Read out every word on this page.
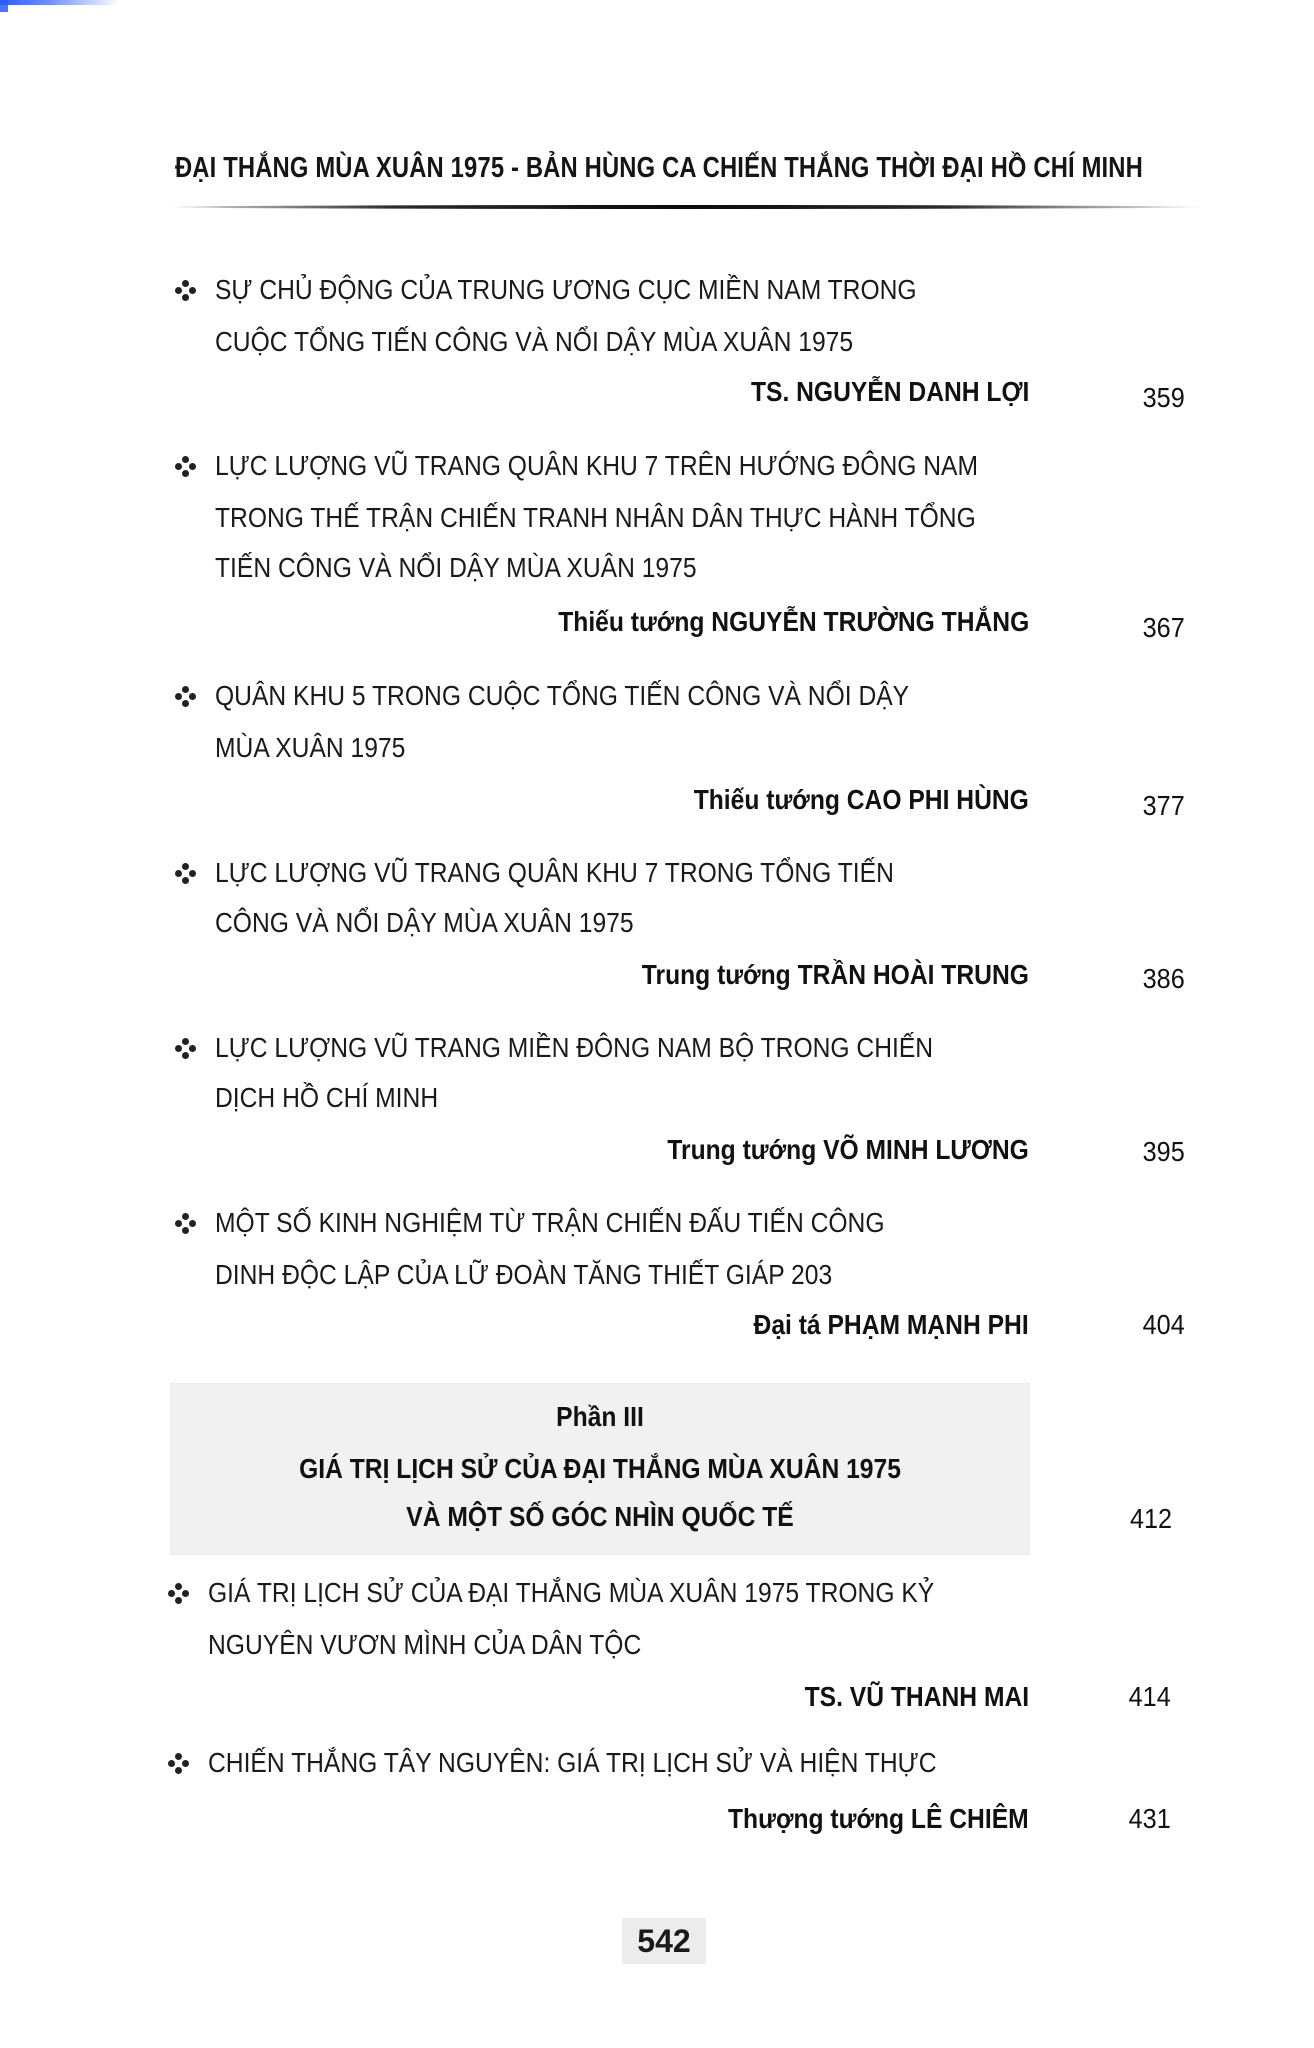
ĐẠI THẮNG MÙA XUÂN 1975 - BẢN HÙNG CA CHIẾN THẮNG THỜI ĐẠI HỒ CHÍ MINH
SỰ CHỦ ĐỘNG CỦA TRUNG ƯƠNG CỤC MIỀN NAM TRONG
CUỘC TỔNG TIẾN CÔNG VÀ NỔI DẬY MÙA XUÂN 1975
TS. NGUYỄN DANH LỢI	359
LỰC LƯỢNG VŨ TRANG QUÂN KHU 7 TRÊN HƯỚNG ĐÔNG NAM
TRONG THẾ TRẬN CHIẾN TRANH NHÂN DÂN THỰC HÀNH TỔNG
TIẾN CÔNG VÀ NỔI DẬY MÙA XUÂN 1975
Thiếu tướng NGUYỄN TRƯỜNG THẮNG	367
QUÂN KHU 5 TRONG CUỘC TỔNG TIẾN CÔNG VÀ NỔI DẬY
MÙA XUÂN 1975
Thiếu tướng CAO PHI HÙNG	377
LỰC LƯỢNG VŨ TRANG QUÂN KHU 7 TRONG TỔNG TIẾN
CÔNG VÀ NỔI DẬY MÙA XUÂN 1975
Trung tướng TRẦN HOÀI TRUNG	386
LỰC LƯỢNG VŨ TRANG MIỀN ĐÔNG NAM BỘ TRONG CHIẾN
DỊCH HỒ CHÍ MINH
Trung tướng VÕ MINH LƯƠNG	395
MỘT SỐ KINH NGHIỆM TỪ TRẬN CHIẾN ĐẤU TIẾN CÔNG
DINH ĐỘC LẬP CỦA LỮ ĐOÀN TĂNG THIẾT GIÁP 203
Đại tá PHẠM MẠNH PHI	404
Phần III
GIÁ TRỊ LỊCH SỬ CỦA ĐẠI THẮNG MÙA XUÂN 1975
VÀ MỘT SỐ GÓC NHÌN QUỐC TẾ	412
GIÁ TRỊ LỊCH SỬ CỦA ĐẠI THẮNG MÙA XUÂN 1975 TRONG KỶ
NGUYÊN VƯƠN MÌNH CỦA DÂN TỘC
TS. VŨ THANH MAI	414
CHIẾN THẮNG TÂY NGUYÊN: GIÁ TRỊ LỊCH SỬ VÀ HIỆN THỰC
Thượng tướng LÊ CHIÊM	431
542
